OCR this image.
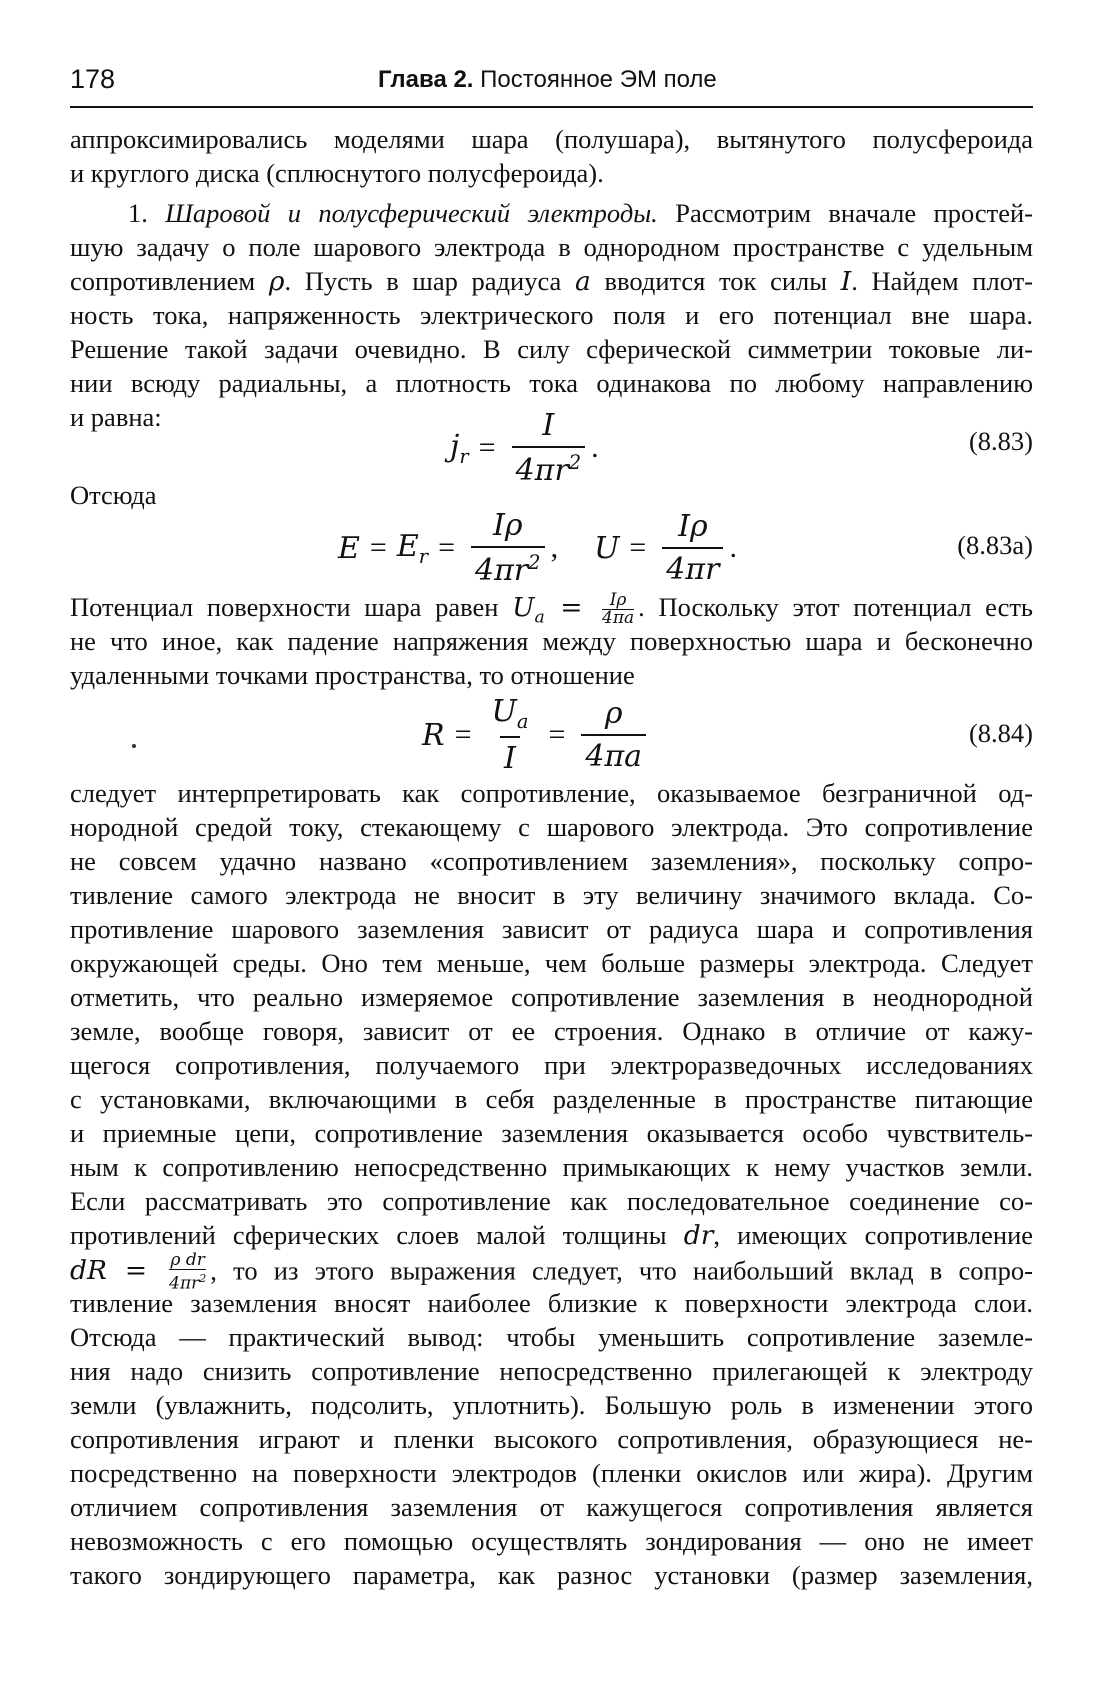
178	Глава 2. Постоянное ЭМ поле
аппроксимировались моделями шара (полушара), вытянутого полусфероида
и круглого диска (сплюснутого полусфероида).
1. Шаровой и полусферический электроды. Рассмотрим вначале простей-
шую задачу о поле шарового электрода в однородном пространстве с удельным
сопротивлением ρ. Пусть в шар радиуса a вводится ток силы I. Найдем плот-
ность тока, напряженность электрического поля и его потенциал вне шара.
Решение такой задачи очевидно. В силу сферической симметрии токовые ли-
нии всюду радиальны, а плотность тока одинакова по любому направлению
и равна:
$j_r = \frac{I}{4\pi r^2}$ .	(8.83)
Отсюда
$E = E_r = \frac{I\rho}{4\pi r^2}$ , $U = \frac{I\rho}{4\pi r}$ .	(8.83a)
Потенциал поверхности шара равен $U_a = \frac{I\rho}{4\pi a}$ . Поскольку этот потенциал есть
не что иное, как падение напряжения между поверхностью шара и бесконечно
удаленными точками пространства, то отношение
$R = \frac{U_a}{I} = \frac{\rho}{4\pi a}$	(8.84)
следует интерпретировать как сопротивление, оказываемое безграничной од-
нородной средой току, стекающему с шарового электрода. Это сопротивление
не совсем удачно названо «сопротивлением заземления», поскольку сопро-
тивление самого электрода не вносит в эту величину значимого вклада. Со-
противление шарового заземления зависит от радиуса шара и сопротивления
окружающей среды. Оно тем меньше, чем больше размеры электрода. Следует
отметить, что реально измеряемое сопротивление заземления в неоднородной
земле, вообще говоря, зависит от ее строения. Однако в отличие от кажу-
щегося сопротивления, получаемого при электроразведочных исследованиях
с установками, включающими в себя разделенные в пространстве питающие
и приемные цепи, сопротивление заземления оказывается особо чувствитель-
ным к сопротивлению непосредственно примыкающих к нему участков земли.
Если рассматривать это сопротивление как последовательное соединение со-
противлений сферических слоев малой толщины dr, имеющих сопротивление
dR = $\frac{\text{ρ dr}}{4\pi r^2}$ , то из этого выражения следует, что наибольший вклад в сопро-
тивление заземления вносят наиболее близкие к поверхности электрода слои.
Отсюда — практический вывод: чтобы уменьшить сопротивление заземле-
ния надо снизить сопротивление непосредственно прилегающей к электроду
земли (увлажнить, подсолить, уплотнить). Большую роль в изменении этого
сопротивления играют и пленки высокого сопротивления, образующиеся не-
посредственно на поверхности электродов (пленки окислов или жира). Другим
отличием сопротивления заземления от кажущегося сопротивления является
невозможность с его помощью осуществлять зондирования — оно не имеет
такого зондирующего параметра, как разнос установки (размер заземления,
